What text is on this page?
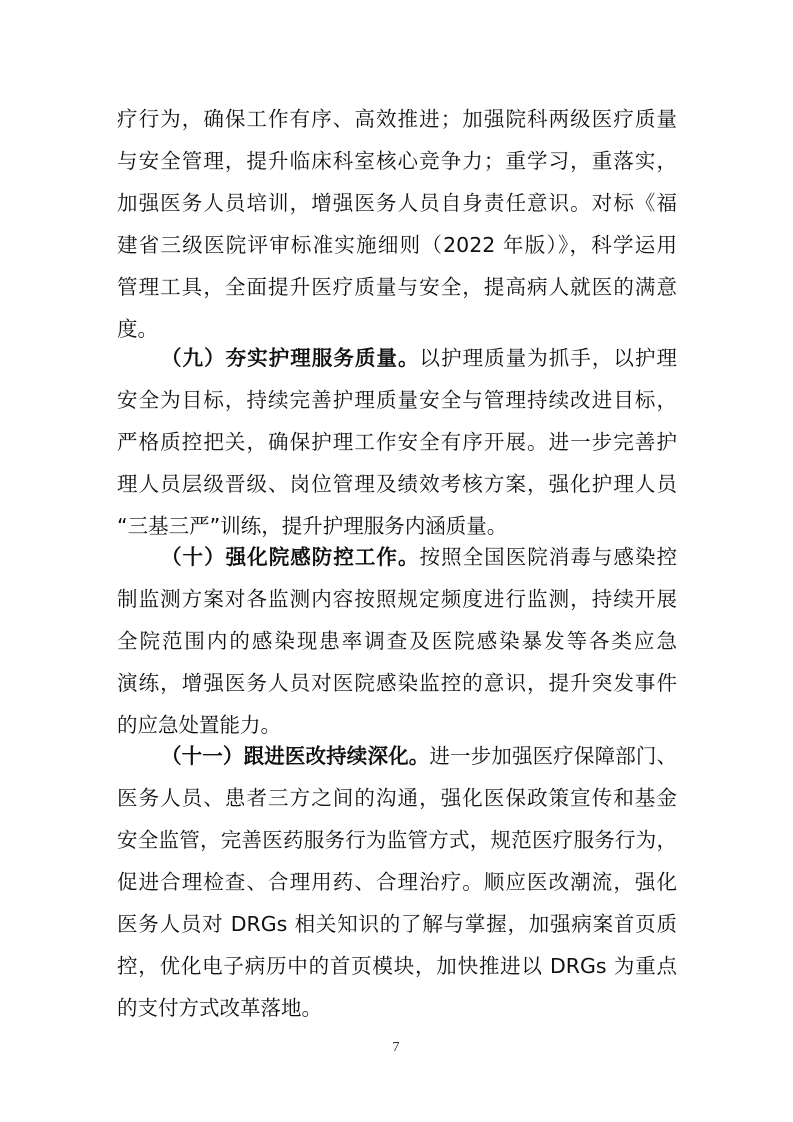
疗行为，确保工作有序、高效推进；加强院科两级医疗质量
与安全管理，提升临床科室核心竞争力；重学习，重落实，
加强医务人员培训，增强医务人员自身责任意识。对标《福
建省三级医院评审标准实施细则（2022 年版）》，科学运用
管理工具，全面提升医疗质量与安全，提高病人就医的满意
度。
（九）夯实护理服务质量。以护理质量为抓手，以护理
安全为目标，持续完善护理质量安全与管理持续改进目标，
严格质控把关，确保护理工作安全有序开展。进一步完善护
理人员层级晋级、岗位管理及绩效考核方案，强化护理人员
“三基三严”训练，提升护理服务内涵质量。
（十）强化院感防控工作。按照全国医院消毒与感染控
制监测方案对各监测内容按照规定频度进行监测，持续开展
全院范围内的感染现患率调查及医院感染暴发等各类应急
演练，增强医务人员对医院感染监控的意识，提升突发事件
的应急处置能力。
（十一）跟进医改持续深化。进一步加强医疗保障部门、
医务人员、患者三方之间的沟通，强化医保政策宣传和基金
安全监管，完善医药服务行为监管方式，规范医疗服务行为，
促进合理检查、合理用药、合理治疗。顺应医改潮流，强化
医务人员对 DRGs 相关知识的了解与掌握，加强病案首页质
控，优化电子病历中的首页模块，加快推进以 DRGs 为重点
的支付方式改革落地。
7
